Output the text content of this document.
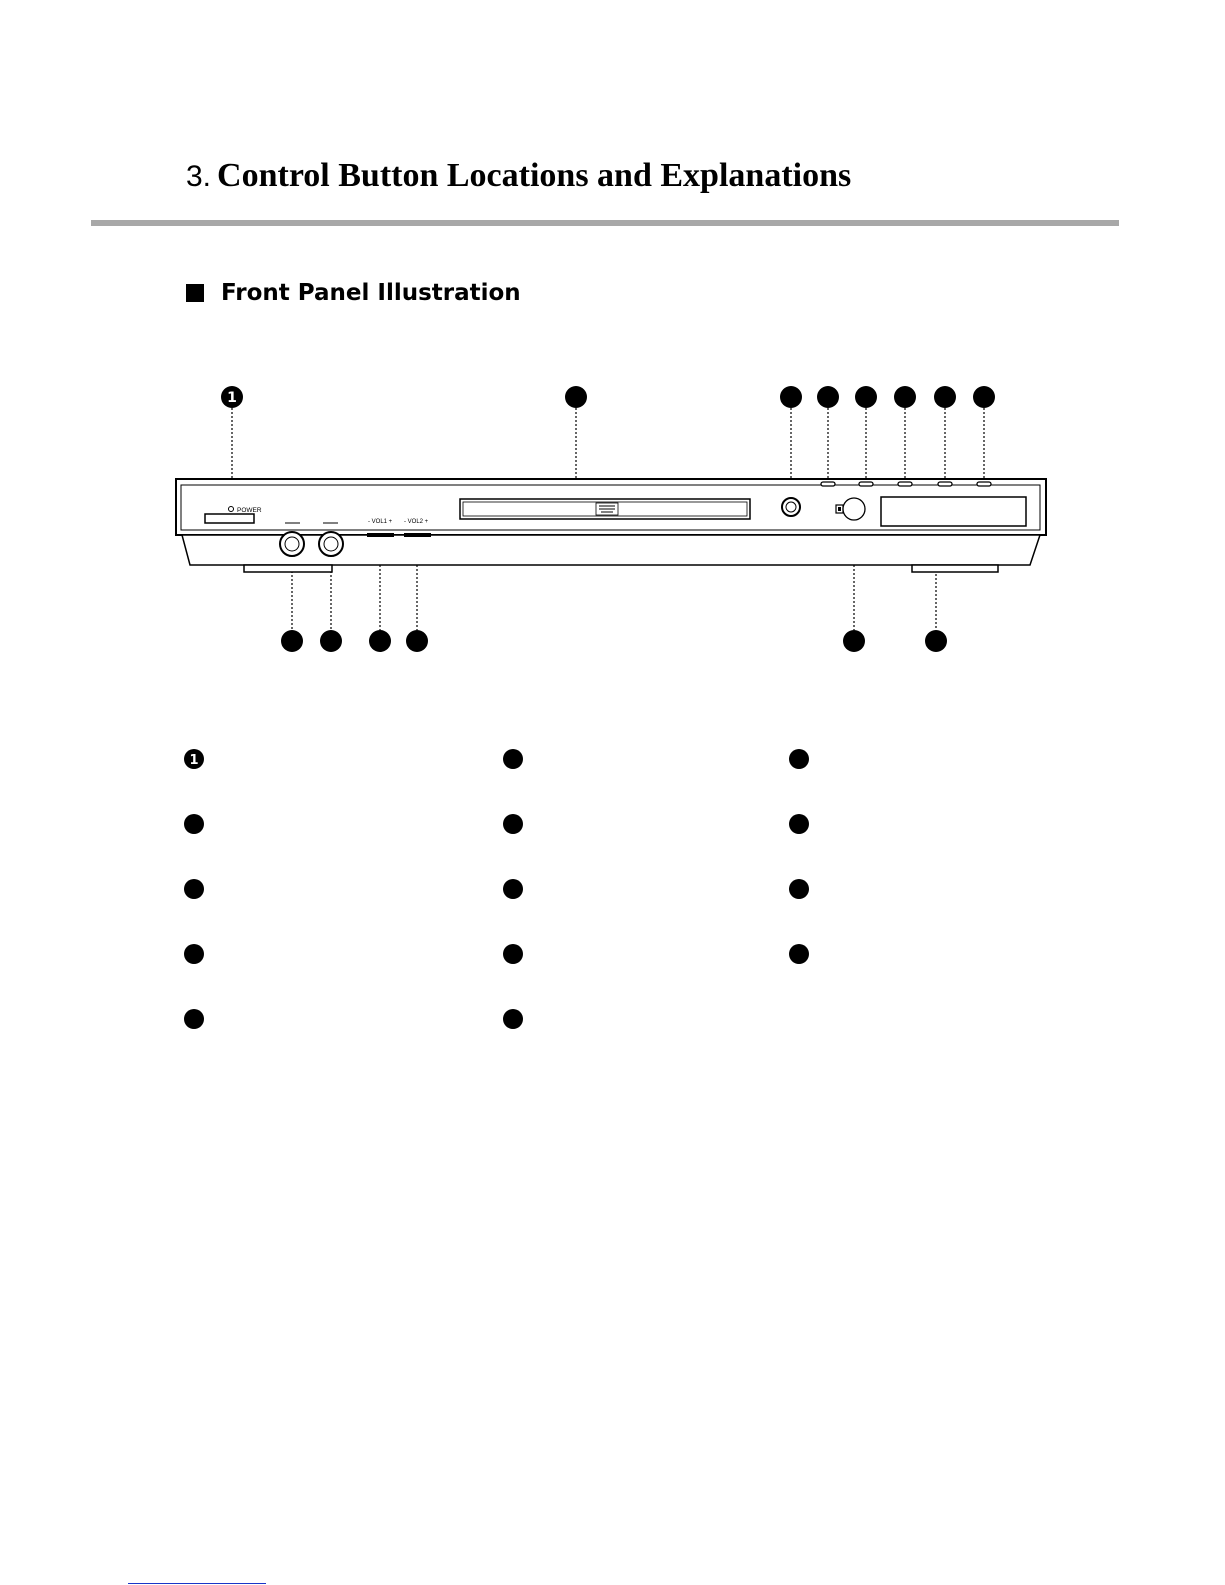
3. Control Button Locations and Explanations
Front Panel Illustration
1
POWER
- VOL1 + - VOL2 +
1
